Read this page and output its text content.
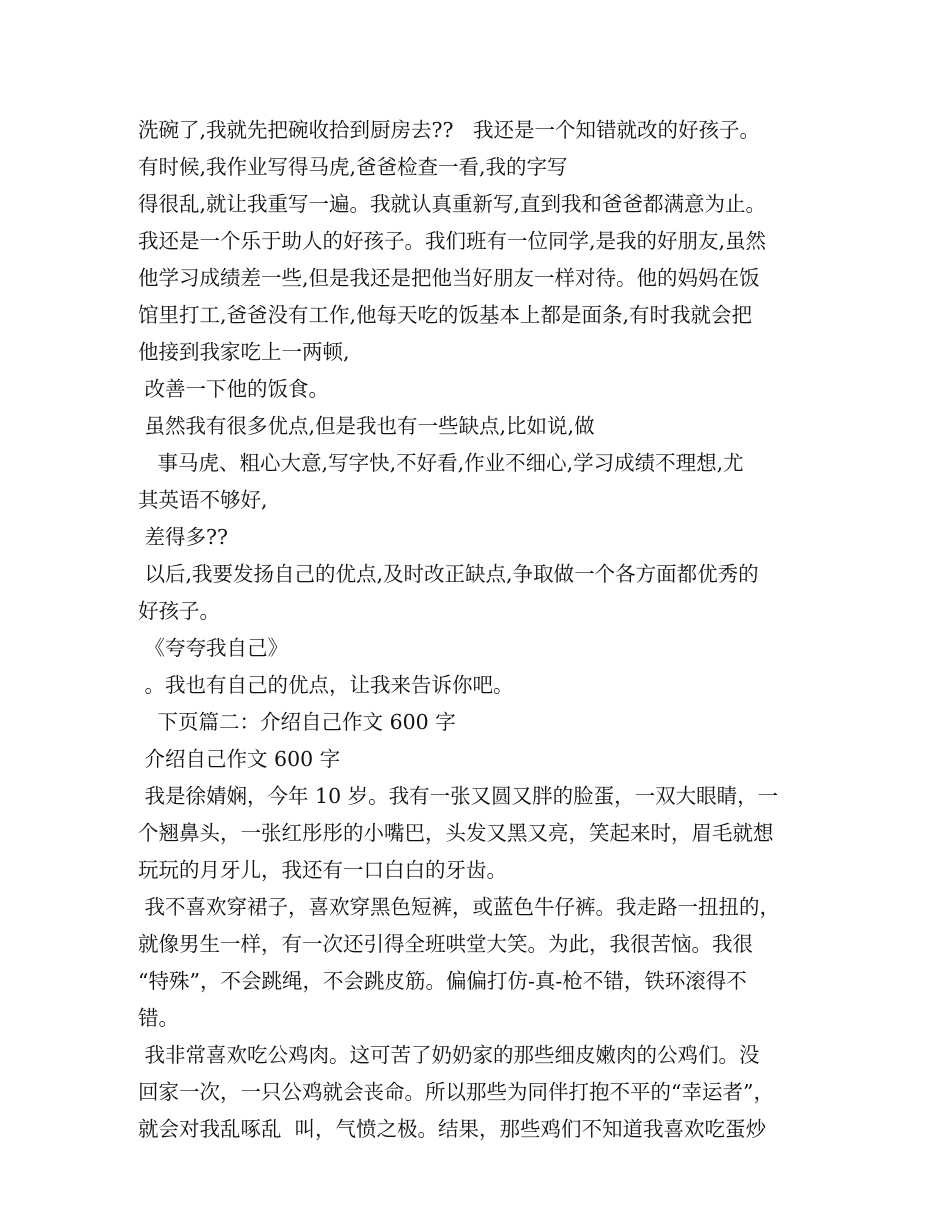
洗碗了,我就先把碗收拾到厨房去??   我还是一个知错就改的好孩子。
有时候,我作业写得马虎,爸爸检查一看,我的字写
得很乱,就让我重写一遍。我就认真重新写,直到我和爸爸都满意为止。
我还是一个乐于助人的好孩子。我们班有一位同学,是我的好朋友,虽然
他学习成绩差一些,但是我还是把他当好朋友一样对待。他的妈妈在饭
馆里打工,爸爸没有工作,他每天吃的饭基本上都是面条,有时我就会把
他接到我家吃上一两顿,
改善一下他的饭食。
虽然我有很多优点,但是我也有一些缺点,比如说,做
事马虎、粗心大意,写字快,不好看,作业不细心,学习成绩不理想,尤
其英语不够好,
差得多??
以后,我要发扬自己的优点,及时改正缺点,争取做一个各方面都优秀的
好孩子。
《夸夸我自己》
。我也有自己的优点，让我来告诉你吧。
下页篇二：介绍自己作文 600 字
介绍自己作文 600 字
我是徐婧娴，今年 10 岁。我有一张又圆又胖的脸蛋，一双大眼睛，一
个翘鼻头，一张红彤彤的小嘴巴，头发又黑又亮，笑起来时，眉毛就想
玩玩的月牙儿，我还有一口白白的牙齿。
我不喜欢穿裙子，喜欢穿黑色短裤，或蓝色牛仔裤。我走路一扭扭的，
就像男生一样，有一次还引得全班哄堂大笑。为此，我很苦恼。我很
“特殊”，不会跳绳，不会跳皮筋。偏偏打仿-真-枪不错，铁环滚得不
错。
我非常喜欢吃公鸡肉。这可苦了奶奶家的那些细皮嫩肉的公鸡们。没
回家一次，一只公鸡就会丧命。所以那些为同伴打抱不平的“幸运者”，
就会对我乱啄乱  叫，气愤之极。结果，那些鸡们不知道我喜欢吃蛋炒
